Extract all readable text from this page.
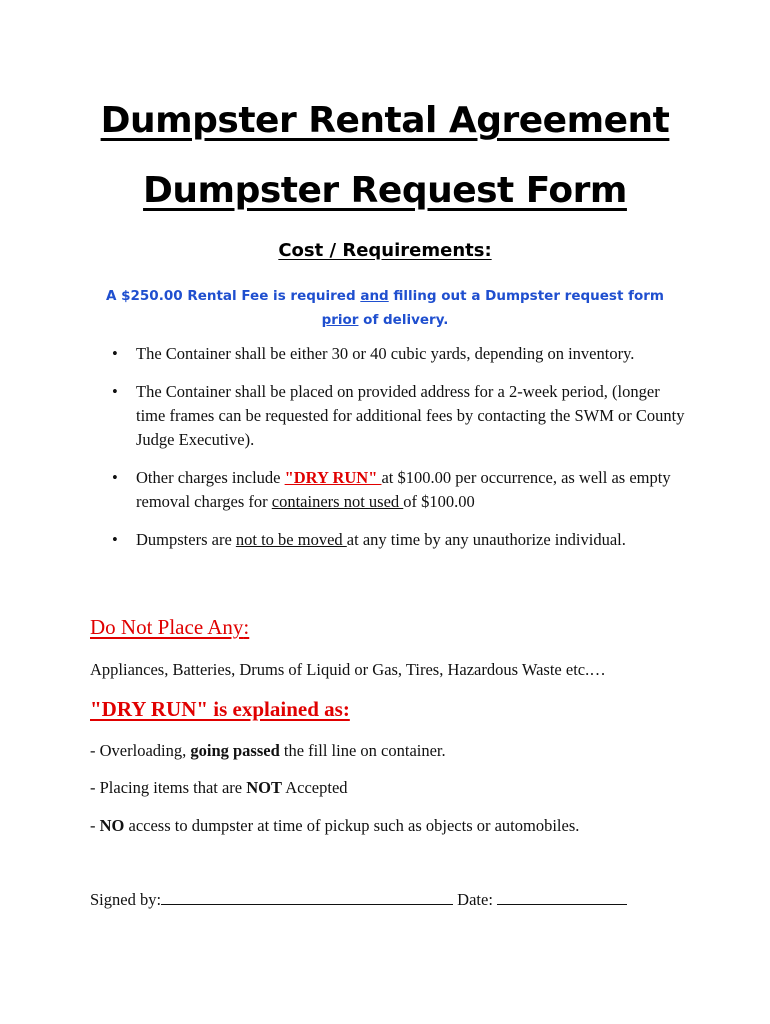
Dumpster Rental Agreement
Dumpster Request Form
Cost / Requirements:
A $250.00 Rental Fee is required and filling out a Dumpster request form
prior of delivery.
• The Container shall be either 30 or 40 cubic yards, depending on inventory.
• The Container shall be placed on provided address for a 2-week period, (longer time frames can be requested for additional fees by contacting the SWM or County Judge Executive).
• Other charges include "DRY RUN" at $100.00 per occurrence, as well as empty removal charges for containers not used of $100.00
• Dumpsters are not to be moved at any time by any unauthorize individual.
Do Not Place Any:
Appliances, Batteries, Drums of Liquid or Gas, Tires, Hazardous Waste etc.…
"DRY RUN" is explained as:
- Overloading, going passed the fill line on container.
- Placing items that are NOT Accepted
- NO access to dumpster at time of pickup such as objects or automobiles.
Signed by:	Date:
